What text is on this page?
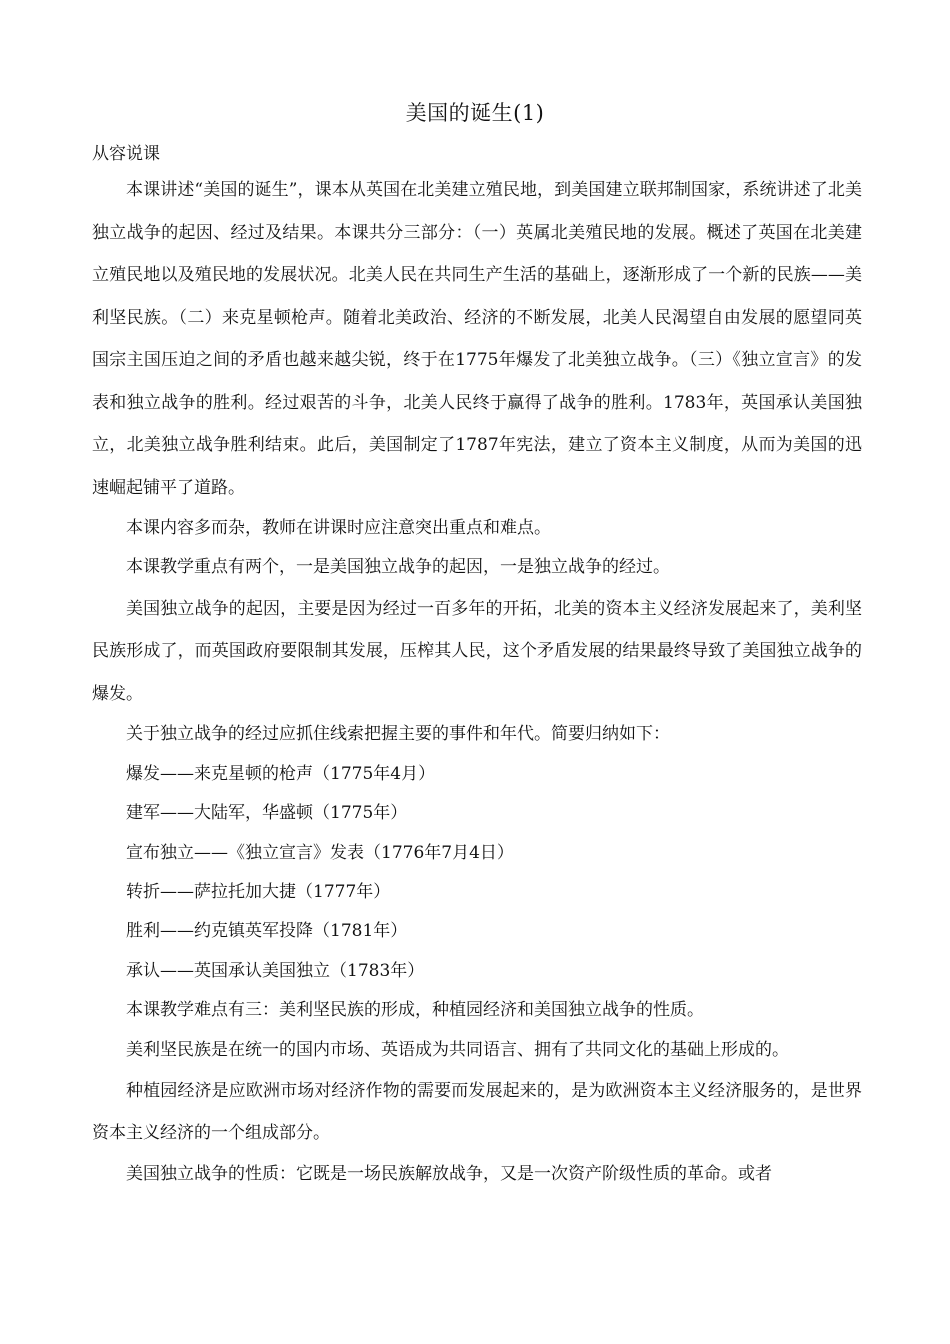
美国的诞生(1)
从容说课

本课讲述“美国的诞生”，课本从英国在北美建立殖民地，到美国建立联邦制国家，系统讲述了北美独立战争的起因、经过及结果。本课共分三部分：（一）英属北美殖民地的发展。概述了英国在北美建立殖民地以及殖民地的发展状况。北美人民在共同生产生活的基础上，逐渐形成了一个新的民族——美利坚民族。（二）来克星顿枪声。随着北美政治、经济的不断发展，北美人民渴望自由发展的愿望同英国宗主国压迫之间的矛盾也越来越尖锐，终于在1775年爆发了北美独立战争。（三）《独立宣言》的发表和独立战争的胜利。经过艰苦的斗争，北美人民终于赢得了战争的胜利。1783年，英国承认美国独立，北美独立战争胜利结束。此后，美国制定了1787年宪法，建立了资本主义制度，从而为美国的迅速崛起铺平了道路。

本课内容多而杂，教师在讲课时应注意突出重点和难点。

本课教学重点有两个，一是美国独立战争的起因，一是独立战争的经过。

美国独立战争的起因，主要是因为经过一百多年的开拓，北美的资本主义经济发展起来了，美利坚民族形成了，而英国政府要限制其发展，压榨其人民，这个矛盾发展的结果最终导致了美国独立战争的爆发。

关于独立战争的经过应抓住线索把握主要的事件和年代。简要归纳如下：

爆发——来克星顿的枪声（1775年4月）

建军——大陆军，华盛顿（1775年）

宣布独立——《独立宣言》发表（1776年7月4日）

转折——萨拉托加大捷（1777年）

胜利——约克镇英军投降（1781年）

承认——英国承认美国独立（1783年）

本课教学难点有三：美利坚民族的形成，种植园经济和美国独立战争的性质。

美利坚民族是在统一的国内市场、英语成为共同语言、拥有了共同文化的基础上形成的。

种植园经济是应欧洲市场对经济作物的需要而发展起来的，是为欧洲资本主义经济服务的，是世界资本主义经济的一个组成部分。

美国独立战争的性质：它既是一场民族解放战争，又是一次资产阶级性质的革命。或者
